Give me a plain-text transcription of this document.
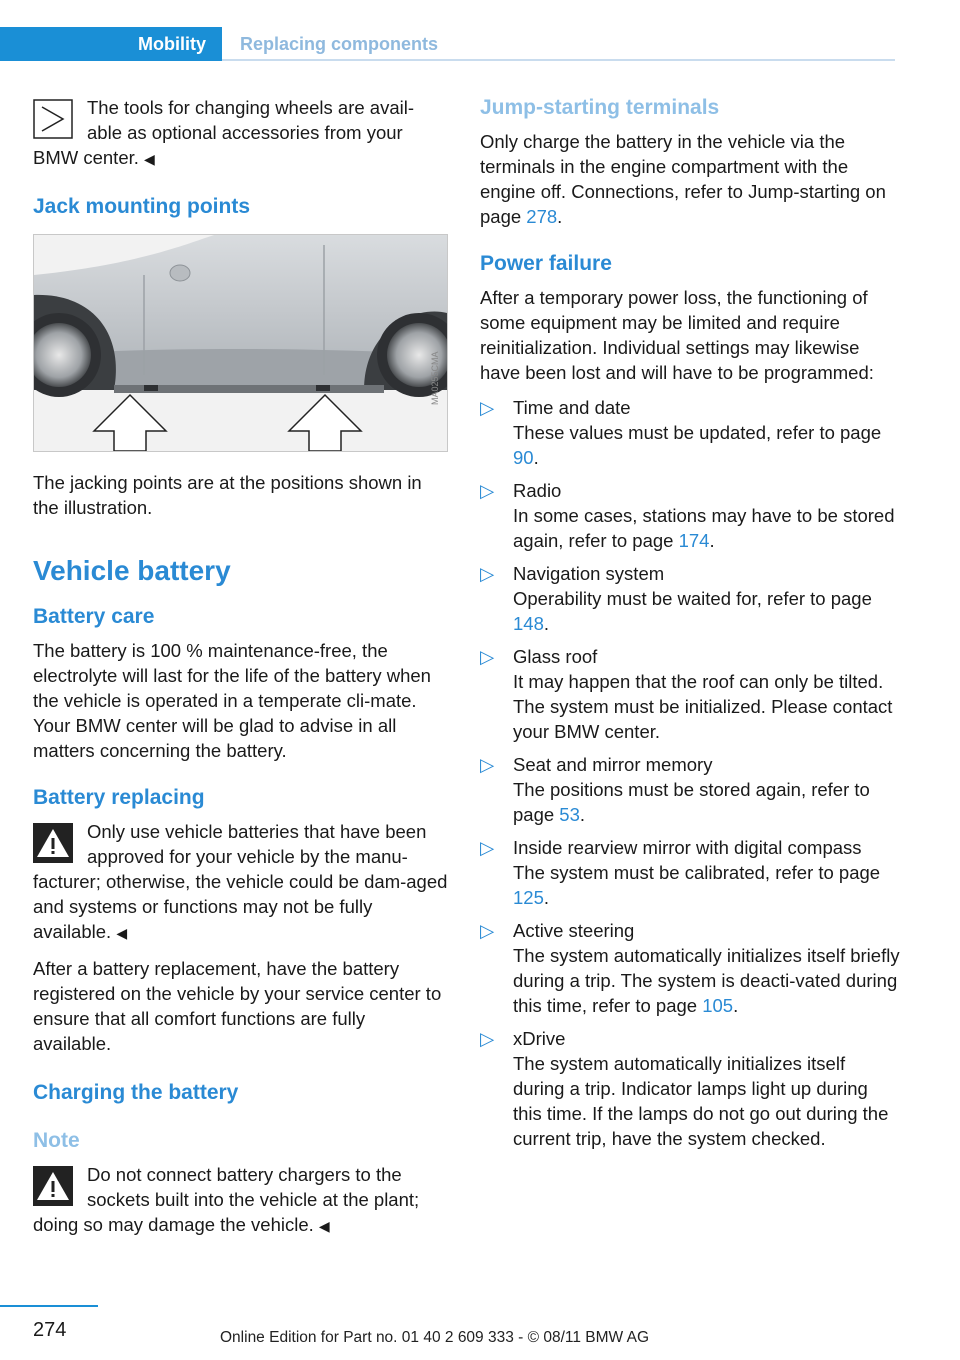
Mobility	Replacing components
The tools for changing wheels are avail-
able as optional accessories from your
BMW center. ◀
Jack mounting points
MA0255CMA

The jacking points are at the positions shown in the illustration.

Vehicle battery
Battery care

The battery is 100 % maintenance-free, the electrolyte will last for the life of the battery when the vehicle is operated in a temperate cli-mate. Your BMW center will be glad to advise in all matters concerning the battery.

Battery replacing
Only use vehicle batteries that have been
approved for your vehicle by the manu-
facturer; otherwise, the vehicle could be dam-aged and systems or functions may not be fully available. ◀

After a battery replacement, have the battery registered on the vehicle by your service center to ensure that all comfort functions are fully available.

Charging the battery
Note
Do not connect battery chargers to the
sockets built into the vehicle at the plant;
doing so may damage the vehicle. ◀
Jump-starting terminals

Only charge the battery in the vehicle via the terminals in the engine compartment with the engine off. Connections, refer to Jump-starting on page 278.

Power failure

After a temporary power loss, the functioning of some equipment may be limited and require reinitialization. Individual settings may likewise have been lost and will have to be programmed:

▷ Time and date
These values must be updated, refer to page 90.
▷ Radio
In some cases, stations may have to be stored again, refer to page 174.
▷ Navigation system
Operability must be waited for, refer to page 148.
▷ Glass roof
It may happen that the roof can only be tilted. The system must be initialized. Please contact your BMW center.
▷ Seat and mirror memory
The positions must be stored again, refer to page 53.
▷ Inside rearview mirror with digital compass
The system must be calibrated, refer to page 125.
▷ Active steering
The system automatically initializes itself briefly during a trip. The system is deacti-vated during this time, refer to page 105.
▷ xDrive
The system automatically initializes itself during a trip. Indicator lamps light up during this time. If the lamps do not go out during the current trip, have the system checked.
274	Online Edition for Part no. 01 40 2 609 333 - © 08/11 BMW AG
